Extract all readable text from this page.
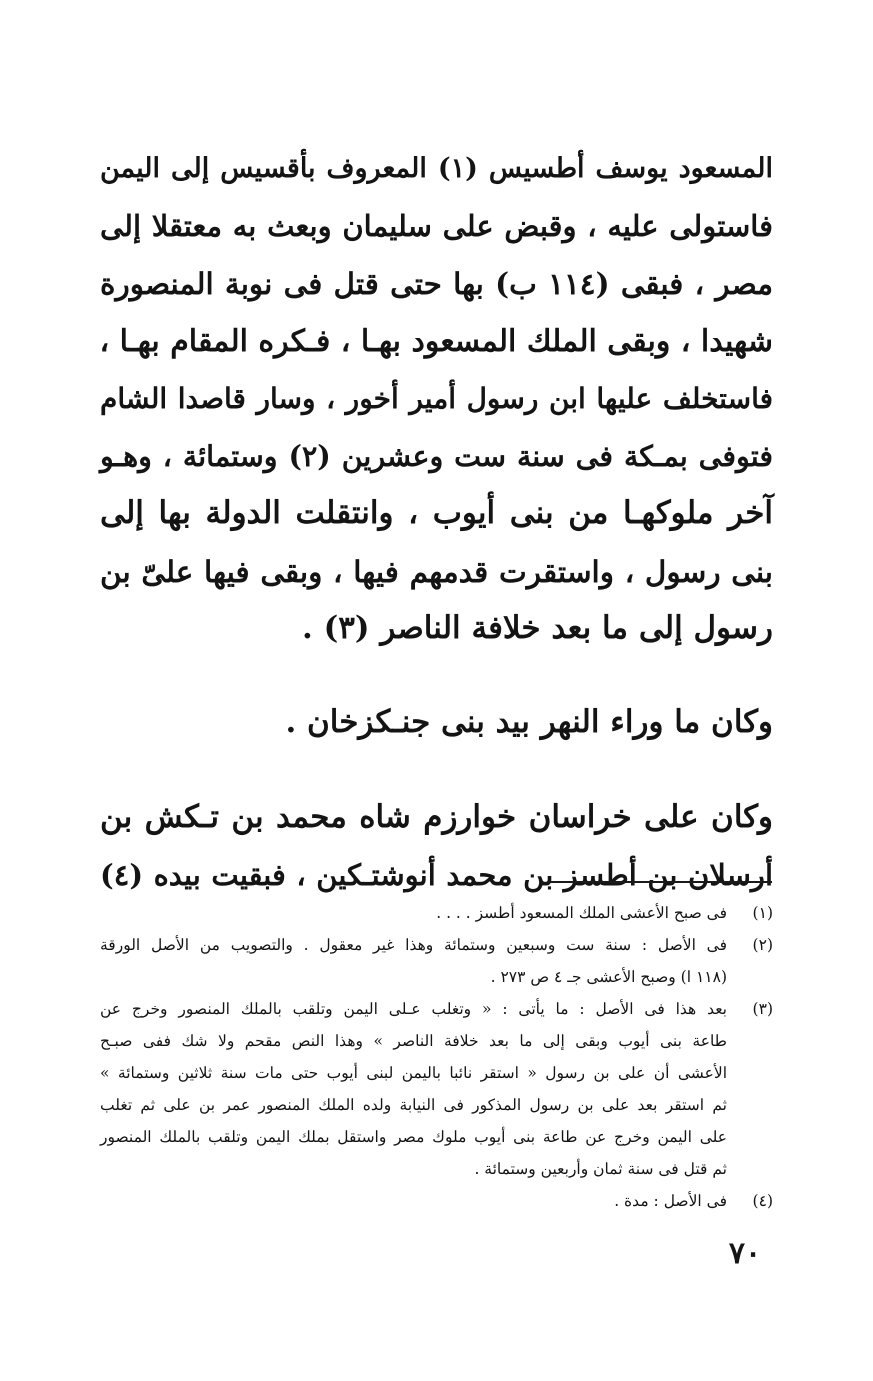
المسعود يوسف أطسيس (١) المعروف بأقسيس إلى اليمن
فاستولى عليه ، وقبض على سليمان وبعث به معتقلا إلى
مصر ، فبقى (١١٤ ب) بها حتى قتل فى نوبة المنصورة
شهيدا ، وبقى الملك المسعود بهـا ، فـكره المقام بهـا ،
فاستخلف عليها ابن رسول أمير أخور ، وسار قاصدا الشام
فتوفى بمـكة فى سنة ست وعشرين (٢) وستمائة ، وهـو
آخر ملوكهـا من بنى أيوب ، وانتقلت الدولة بها إلى
بنى رسول ، واستقرت قدمهم فيها ، وبقى فيها علىّ بن
رسول إلى ما بعد خلافة الناصر (٣) .

وكان ما وراء النهر بيد بنى جنـكزخان .

وكان على خراسان خوارزم شاه محمد بن تـكش بن
أرسلان بن أطسز بن محمد أنوشتـكين ، فبقيت بيده (٤)

(١)
فى صبح الأعشى الملك المسعود أطسز . . . .
(٢)
فى الأصل : سنة ست وسبعين وستمائة وهذا غير معقول . والتصويب من الأصل الورقة
(١١٨ ا) وصبح الأعشى جـ ٤ ص ٢٧٣ .
(٣)
بعد هذا فى الأصل : ما يأتى : « وتغلب عـلى اليمن وتلقب بالملك المنصور وخرج عن
طاعة بنى أيوب وبقى إلى ما بعد خلافة الناصر » وهذا النص مقحم ولا شك ففى صبـح
الأعشى أن على بن رسول « استقر نائبا باليمن لبنى أيوب حتى مات سنة ثلاثين وستمائة »
ثم استقر بعد على بن رسول المذكور فى النيابة ولده الملك المنصور عمر بن على ثم تغلب
على اليمن وخرج عن طاعة بنى أيوب ملوك مصر واستقل بملك اليمن وتلقب بالملك المنصور
ثم قتل فى سنة ثمان وأربعين وستمائة .
(٤)
فى الأصل : مدة .
٧٠
